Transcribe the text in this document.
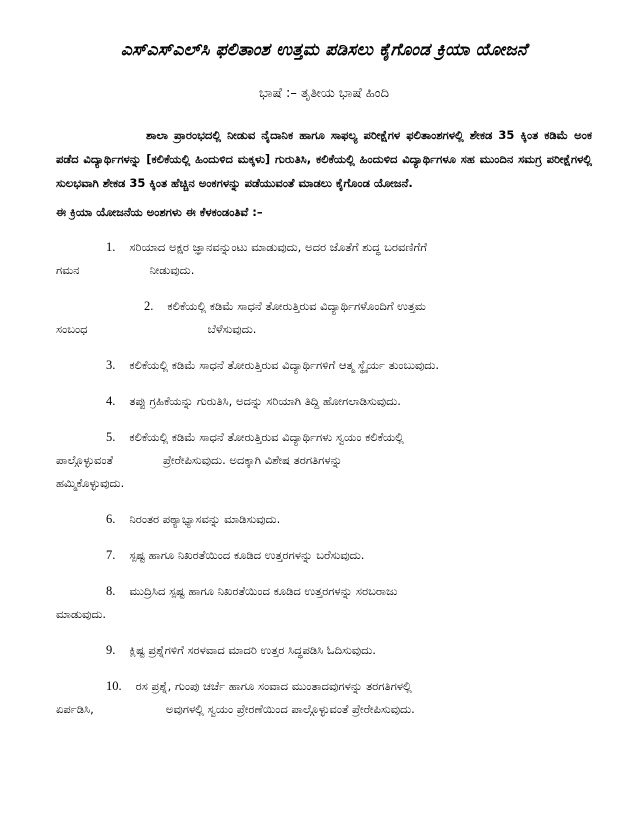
ಎಸ್‌ಎಸ್‌ಎಲ್‌ಸಿ ಫಲಿತಾಂಶ ಉತ್ತಮ ಪಡಿಸಲು ಕೈಗೊಂಡ ಕ್ರಿಯಾ ಯೋಜನೆ
ಭಾಷೆ :– ತೃತೀಯ ಭಾಷೆ ಹಿಂದಿ

ಶಾಲಾ ಪ್ರಾರಂಭದಲ್ಲಿ ನೀಡುವ ನೈದಾನಿಕ ಹಾಗೂ ಸಾಫಲ್ಯ ಪರೀಕ್ಷೆಗಳ ಫಲಿತಾಂಶಗಳಲ್ಲಿ ಶೇಕಡ 35 ಕ್ಕಿಂತ ಕಡಿಮೆ ಅಂಕ ಪಡೆದ ವಿದ್ಯಾರ್ಥಿಗಳನ್ನು [ಕಲಿಕೆಯಲ್ಲಿ ಹಿಂದುಳಿದ ಮಕ್ಕಳು] ಗುರುತಿಸಿ, ಕಲಿಕೆಯಲ್ಲಿ ಹಿಂದುಳಿದ ವಿದ್ಯಾರ್ಥಿಗಳೂ ಸಹ ಮುಂದಿನ ಸಮಗ್ರ ಪರೀಕ್ಷೆಗಳಲ್ಲಿ ಸುಲಭವಾಗಿ ಶೇಕಡ 35 ಕ್ಕಿಂತ ಹೆಚ್ಚಿನ ಅಂಕಗಳನ್ನು ಪಡೆಯುವಂತೆ ಮಾಡಲು ಕೈಗೊಂಡ ಯೋಜನೆ.

ಈ ಕ್ರಿಯಾ ಯೋಜನೆಯ ಅಂಶಗಳು ಈ ಕೆಳಕಂಡಂತಿವೆ :–
1. ಸರಿಯಾದ ಅಕ್ಷರ ಜ್ಞಾನವನ್ನುಂಟು ಮಾಡುವುದು, ಅದರ ಜೊತೆಗೆ ಶುದ್ಧ ಬರವಣಿಗೆಗೆ
ಗಮನ	ನೀಡುವುದು.
2. ಕಲಿಕೆಯಲ್ಲಿ ಕಡಿಮೆ ಸಾಧನೆ ತೋರುತ್ತಿರುವ ವಿದ್ಯಾರ್ಥಿಗಳೊಂದಿಗೆ ಉತ್ತಮ
ಸಂಬಂಧ	ಬೆಳೆಸುವುದು.
3. ಕಲಿಕೆಯಲ್ಲಿ ಕಡಿಮೆ ಸಾಧನೆ ತೋರುತ್ತಿರುವ ವಿದ್ಯಾರ್ಥಿಗಳಿಗೆ ಆತ್ಮ ಸ್ಥೈರ್ಯ ತುಂಬುವುದು.
4. ತಪ್ಪು ಗ್ರಹಿಕೆಯನ್ನು ಗುರುತಿಸಿ, ಅದನ್ನು ಸರಿಯಾಗಿ ತಿದ್ದಿ ಹೋಗಲಾಡಿಸುವುದು.
5. ಕಲಿಕೆಯಲ್ಲಿ ಕಡಿಮೆ ಸಾಧನೆ ತೋರುತ್ತಿರುವ ವಿದ್ಯಾರ್ಥಿಗಳು ಸ್ವಯಂ ಕಲಿಕೆಯಲ್ಲಿ
ಪಾಲ್ಗೊಳ್ಳುವಂತೆ	ಪ್ರೇರೇಪಿಸುವುದು. ಅದಕ್ಕಾಗಿ ವಿಶೇಷ ತರಗತಿಗಳನ್ನು
ಹಮ್ಮಿಕೊಳ್ಳುವುದು.
6. ನಿರಂತರ ಪಠ್ಯಾಭ್ಯಾಸವನ್ನು ಮಾಡಿಸುವುದು.
7. ಸ್ಪಷ್ಟ ಹಾಗೂ ನಿಖರತೆಯಿಂದ ಕೂಡಿದ ಉತ್ತರಗಳನ್ನು ಬರೆಸುವುದು.
8. ಮುದ್ರಿಸಿದ ಸ್ಪಷ್ಟ ಹಾಗೂ ನಿಖರತೆಯಿಂದ ಕೂಡಿದ ಉತ್ತರಗಳನ್ನು ಸರಬರಾಜು
ಮಾಡುವುದು.
9. ಕ್ಲಿಷ್ಟ ಪ್ರಶ್ನೆಗಳಿಗೆ ಸರಳವಾದ ಮಾದರಿ ಉತ್ತರ ಸಿದ್ಧಪಡಿಸಿ ಓದಿಸುವುದು.
10. ರಸ ಪ್ರಶ್ನೆ, ಗುಂಪು ಚರ್ಚೆ ಹಾಗೂ ಸಂವಾದ ಮುಂತಾದವುಗಳನ್ನು ತರಗತಿಗಳಲ್ಲಿ
ಏರ್ಪಡಿಸಿ,	ಅವುಗಳಲ್ಲಿ ಸ್ವಯಂ ಪ್ರೇರಣೆಯಿಂದ ಪಾಲ್ಗೊಳ್ಳುವಂತೆ ಪ್ರೇರೇಪಿಸುವುದು.
